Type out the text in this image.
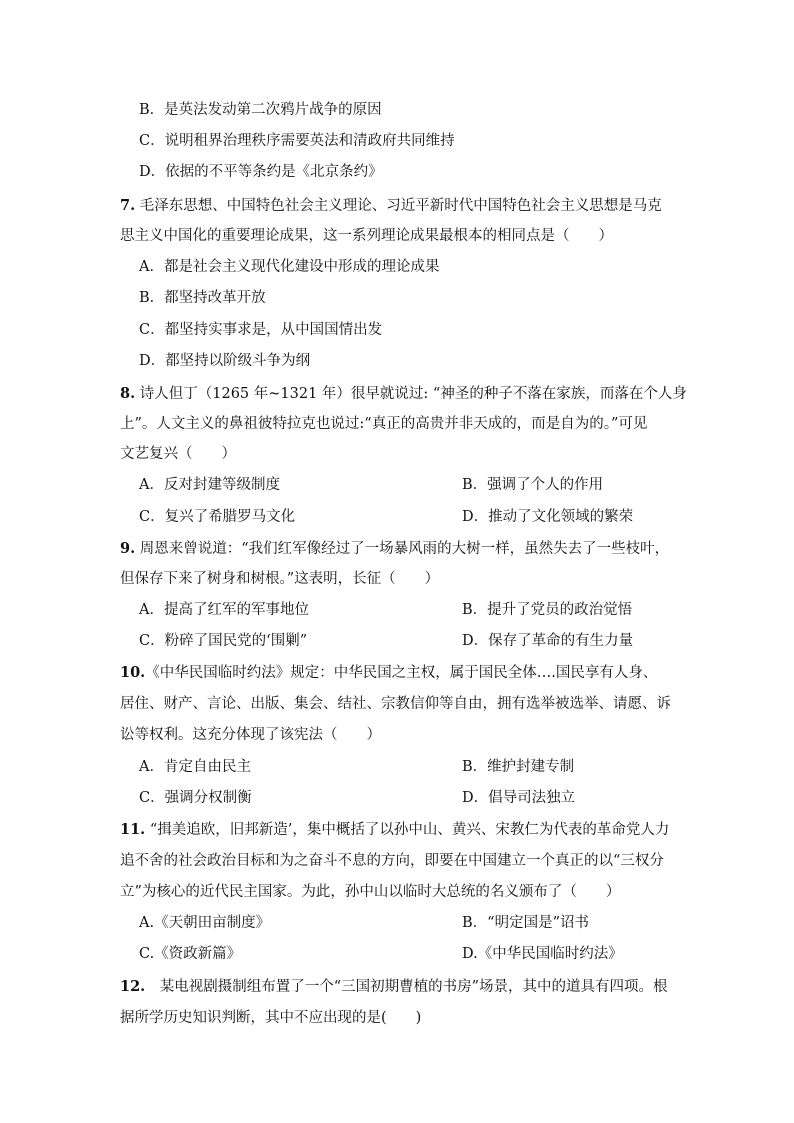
B．是英法发动第二次鸦片战争的原因
C．说明租界治理秩序需要英法和清政府共同维持
D．依据的不平等条约是《北京条约》
7. 毛泽东思想、中国特色社会主义理论、习近平新时代中国特色社会主义思想是马克
思主义中国化的重要理论成果，这一系列理论成果最根本的相同点是（　　）
A．都是社会主义现代化建设中形成的理论成果
B．都坚持改革开放
C．都坚持实事求是，从中国国情出发
D．都坚持以阶级斗争为纲
8. 诗人但丁（1265 年~1321 年）很早就说过: “神圣的种子不落在家族，而落在个人身
上”。人文主义的鼻祖彼特拉克也说过:“真正的高贵并非天成的，而是自为的。”可见
文艺复兴（　　）
A．反对封建等级制度	B．强调了个人的作用
C．复兴了希腊罗马文化	D．推动了文化领域的繁荣
9. 周恩来曾说道：“我们红军像经过了一场暴风雨的大树一样，虽然失去了一些枝叶，
但保存下来了树身和树根。”这表明，长征（　　）
A．提高了红军的军事地位	B．提升了党员的政治觉悟
C．粉碎了国民党的‘围剿”	D．保存了革命的有生力量
10.《中华民国临时约法》规定：中华民国之主权，属于国民全体….国民享有人身、
居住、财产、言论、出版、集会、结社、宗教信仰等自由，拥有选举被选举、请愿、诉
讼等权利。这充分体现了该宪法（　　）
A．肯定自由民主	B．维护封建专制
C．强调分权制衡	D．倡导司法独立
11. “揖美追欧，旧邦新造’，集中概括了以孙中山、黄兴、宋教仁为代表的革命党人力
追不舍的社会政治目标和为之奋斗不息的方向，即要在中国建立一个真正的以“三权分
立”为核心的近代民主国家。为此，孙中山以临时大总统的名义颁布了（　　）
A.《天朝田亩制度》	B．“明定国是”诏书
C.《资政新篇》	D.《中华民国临时约法》
12.　某电视剧摄制组布置了一个“三国初期曹植的书房”场景，其中的道具有四项。根
据所学历史知识判断，其中不应出现的是(　　)
